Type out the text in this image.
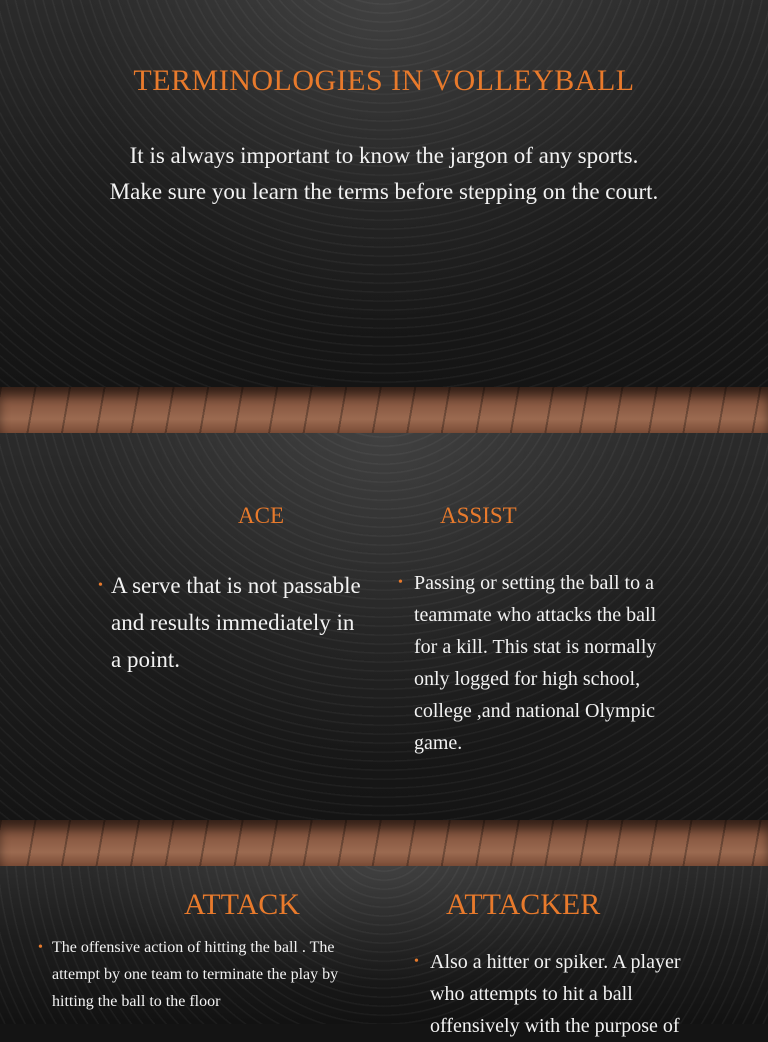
TERMINOLOGIES IN VOLLEYBALL
It is always important to know the jargon of any sports. Make sure you learn the terms before stepping on the court.
ACE	ASSIST
• A serve that is not passable and results immediately in a point.
• Passing or setting the ball to a teammate who attacks the ball for a kill. This stat is normally only logged for high school, college ,and national Olympic game.
ATTACK	ATTACKER
• The offensive action of hitting the ball . The attempt by one team to terminate the play by hitting the ball to the floor
• Also a hitter or spiker. A player who attempts to hit a ball offensively with the purpose of
